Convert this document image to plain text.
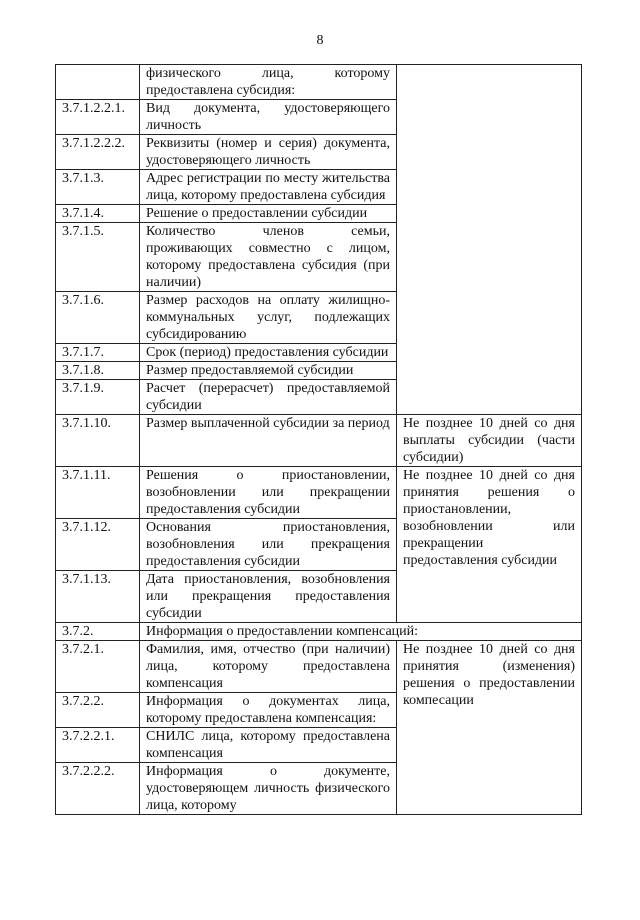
8
	физического лица, которому предоставлена субсидия:	
3.7.1.2.2.1.	Вид документа, удостоверяющего личность	
3.7.1.2.2.2.	Реквизиты (номер и серия) документа, удостоверяющего личность	
3.7.1.3.	Адрес регистрации по месту жительства лица, которому предоставлена субсидия	
3.7.1.4.	Решение о предоставлении субсидии	
3.7.1.5.	Количество членов семьи, проживающих совместно с лицом, которому предоставлена субсидия (при наличии)	
3.7.1.6.	Размер расходов на оплату жилищно-коммунальных услуг, подлежащих субсидированию	
3.7.1.7.	Срок (период) предоставления субсидии	
3.7.1.8.	Размер предоставляемой субсидии	
3.7.1.9.	Расчет (перерасчет) предоставляемой субсидии	
3.7.1.10.	Размер выплаченной субсидии за период	Не позднее 10 дней со дня выплаты субсидии (части субсидии)
3.7.1.11.	Решения о приостановлении, возобновлении или прекращении предоставления субсидии	Не позднее 10 дней со дня принятия решения о приостановлении, возобновлении или прекращении предоставления субсидии
3.7.1.12.	Основания приостановления, возобновления или прекращения предоставления субсидии	
3.7.1.13.	Дата приостановления, возобновления или прекращения предоставления субсидии	
3.7.2.	Информация о предоставлении компенсаций:	
3.7.2.1.	Фамилия, имя, отчество (при наличии) лица, которому предоставлена компенсация	Не позднее 10 дней со дня принятия (изменения) решения о предоставлении компесации
3.7.2.2.	Информация о документах лица, которому предоставлена компенсация:	
3.7.2.2.1.	СНИЛС лица, которому предоставлена компенсация	
3.7.2.2.2.	Информация о документе, удостоверяющем личность физического лица, которому	
